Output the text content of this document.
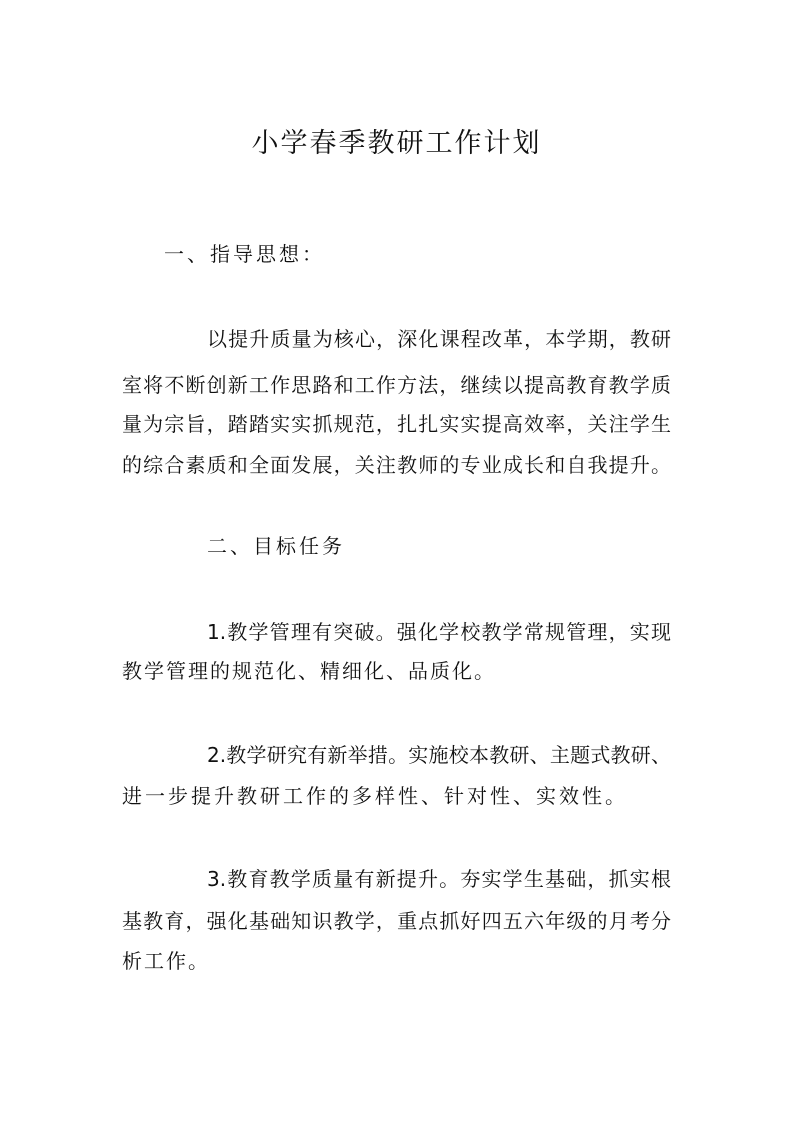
小学春季教研工作计划
一、指导思想：
以提升质量为核心，深化课程改革，本学期，教研
室将不断创新工作思路和工作方法，继续以提高教育教学质
量为宗旨，踏踏实实抓规范，扎扎实实提高效率，关注学生
的综合素质和全面发展，关注教师的专业成长和自我提升。
二、目标任务
1.教学管理有突破。强化学校教学常规管理，实现
教学管理的规范化、精细化、品质化。
2.教学研究有新举措。实施校本教研、主题式教研、
进一步提升教研工作的多样性、针对性、实效性。
3.教育教学质量有新提升。夯实学生基础，抓实根
基教育，强化基础知识教学，重点抓好四五六年级的月考分
析工作。
